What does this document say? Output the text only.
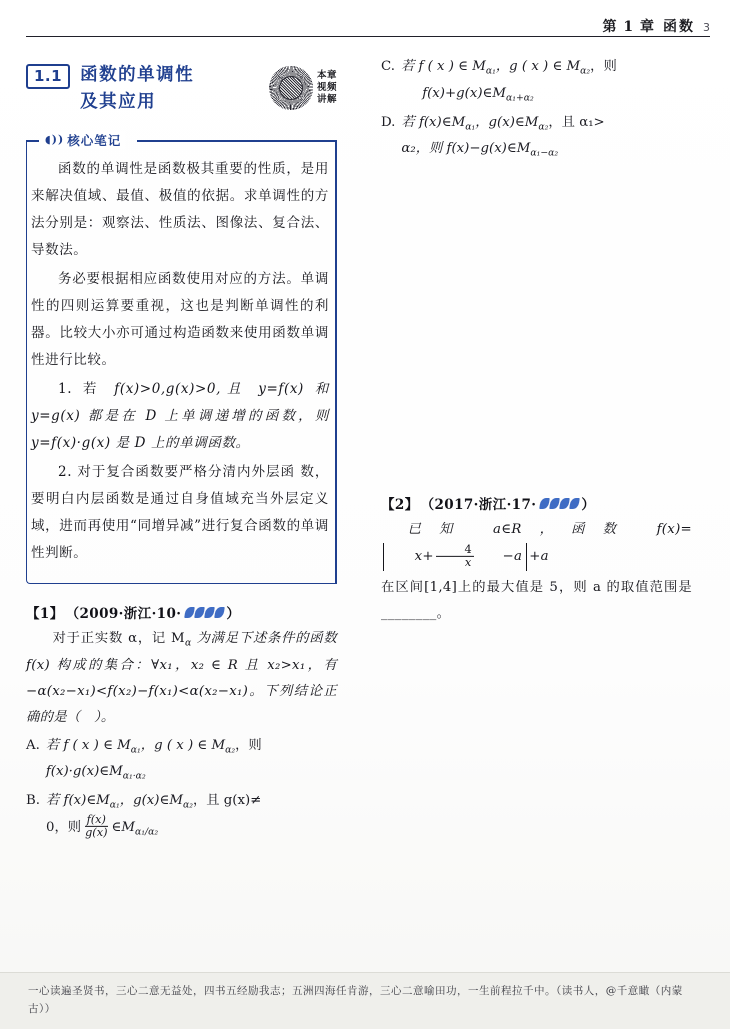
第 1 章 函数 3
1.1	函数的单调性
及其应用
本章视频讲解
◖)) 核心笔记

函数的单调性是函数极其重要的性质，是用来解决值域、最值、极值的依据。求单调性的方法分别是：观察法、性质法、图像法、复合法、导数法。

务必要根据相应函数使用对应的方法。单调性的四则运算要重视，这也是判断单调性的利器。比较大小亦可通过构造函数来使用函数单调性进行比较。

1. 若 f(x)>0,g(x)>0,且 y=f(x) 和 y=g(x) 都是在 D 上单调递增的函数，则 y=f(x)·g(x) 是 D 上的单调函数。

2. 对于复合函数要严格分清内外层函 数，要明白内层函数是通过自身值域充当外层定义域，进而再使用“同增异减”进行复合函数的单调性判断。

【1】 （2009·浙江·10·	）
对于正实数 α，记 $M_\alpha$ 为满足下述条件的函数 f(x) 构成的集合：∀x₁，x₂ ∈ R 且 x₂>x₁，有 −α(x₂−x₁)<f(x₂)−f(x₁)<α(x₂−x₁)。下列结论正确的是（　）。
A. 若 f ( x ) ∈ $M_{\alpha_1}$，g ( x ) ∈ $M_{\alpha_2}$，则
$f(x)\cdot g(x)\in M_{\alpha_1\cdot\alpha_2}$
B. 若 $f(x)\in M_{\alpha_1}$，$g(x)\in M_{\alpha_2}$，且 g(x)≠
0，则 $\frac{f(x)}{g(x)}$ $\in M_{\alpha_1/\alpha_2}$
C. 若 f ( x ) ∈ $M_{\alpha_1}$，g ( x ) ∈ $M_{\alpha_2}$，则
$f(x)+g(x)\in M_{\alpha_1+\alpha_2}$
D. 若 $f(x)\in M_{\alpha_1}$，$g(x)\in M_{\alpha_2}$，且 α₁>
α₂，则 $f(x)-g(x)\in M_{\alpha_1-\alpha_2}$
【2】 （2017·浙江·17·	）
已知 a∈R，函数 f(x)=
$x+ \frac{4}{x}$	−a +a
在区间[1,4]上的最大值是 5，则 a 的取值范围是________。
一心读遍圣贤书，三心二意无益处，四书五经励我志；五洲四海任肯游，三心二意喻田功，一生前程拉千中。（读书人，@千意瞰（内蒙古））
